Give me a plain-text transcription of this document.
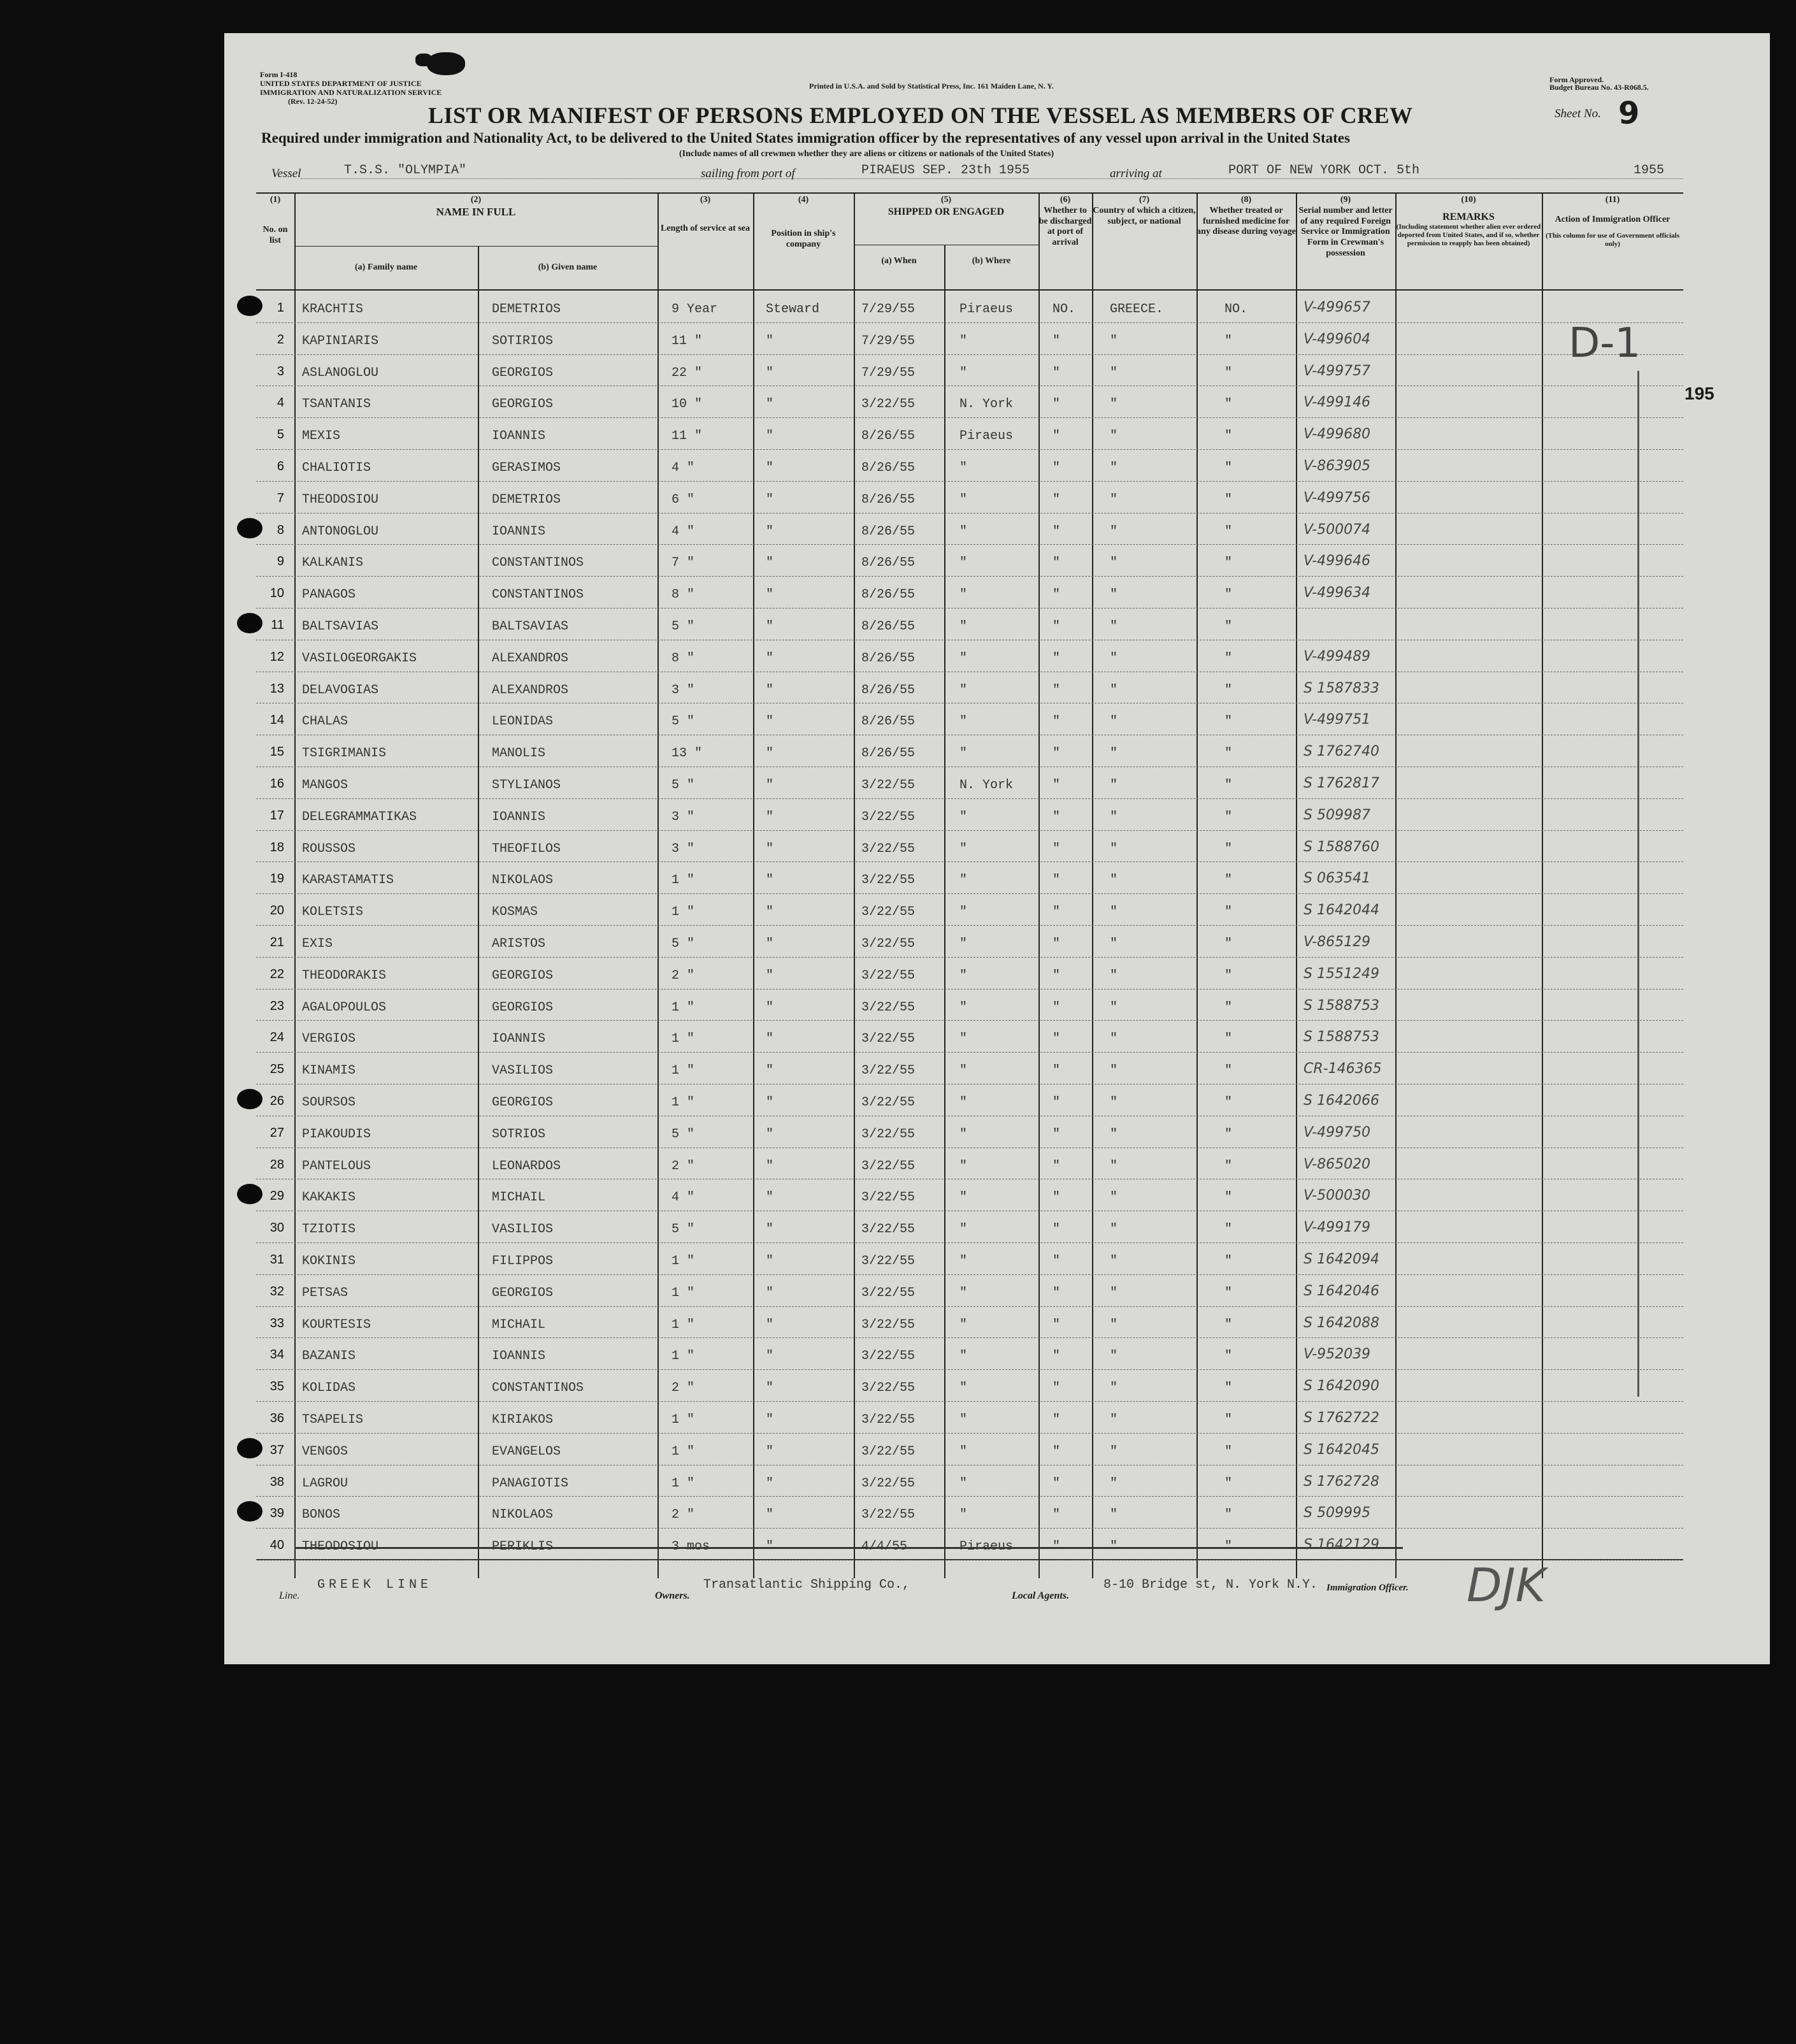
Form I-418
UNITED STATES DEPARTMENT OF JUSTICE
IMMIGRATION AND NATURALIZATION SERVICE
(Rev. 12-24-52)
Printed in U.S.A. and Sold by Statistical Press, Inc. 161 Maiden Lane, N. Y.
Form Approved.
Budget Bureau No. 43-R068.5.
Sheet No. 9
195
LIST OR MANIFEST OF PERSONS EMPLOYED ON THE VESSEL AS MEMBERS OF CREW
Required under immigration and Nationality Act, to be delivered to the United States immigration officer by the representatives of any vessel upon arrival in the United States
(Include names of all crewmen whether they are aliens or citizens or nationals of the United States)
Vessel	T.S.S. "OLYMPIA"	sailing from port of	PIRAEUS SEP. 23th 1955	arriving at	PORT OF NEW YORK OCT. 5th	1955
(1)
No. on list
(2)
NAME IN FULL
(a) Family name	(b) Given name
(3)
Length of service at sea
(4)
Position in ship's company
(5)
SHIPPED OR ENGAGED
(a) When	(b) Where
(6)
Whether to be discharged at port of arrival
(7)
Country of which a citizen, subject, or national
(8)
Whether treated or furnished medicine for any disease during voyage
(9)
Serial number and letter of any required Foreign Service or Immigration Form in Crewman's possession
(10)
REMARKS
(Including statement whether alien ever ordered deported from United States, and if so, whether permission to reapply has been obtained)
(11)
Action of Immigration Officer
(This column for use of Government officials only)
1 KRACHTIS	DEMETRIOS	9 Year	Steward	7/29/55	Piraeus	NO.	GREECE.	NO.	V-499657
2 KAPINIARIS	SOTIRIOS	11 "	"	7/29/55	"	"	"	"	V-499604
3 ASLANOGLOU	GEORGIOS	22 "	"	7/29/55	"	"	"	"	V-499757
4 TSANTANIS	GEORGIOS	10 "	"	3/22/55	N. York	"	"	"	V-499146
5 MEXIS	IOANNIS	11 "	"	8/26/55	Piraeus	"	"	"	V-499680
6 CHALIOTIS	GERASIMOS	4 "	"	8/26/55	"	"	"	"	V-863905
7 THEODOSIOU	DEMETRIOS	6 "	"	8/26/55	"	"	"	"	V-499756
8 ANTONOGLOU	IOANNIS	4 "	"	8/26/55	"	"	"	"	V-500074
9 KALKANIS	CONSTANTINOS	7 "	"	8/26/55	"	"	"	"	V-499646
10 PANAGOS	CONSTANTINOS	8 "	"	8/26/55	"	"	"	"	V-499634
11 BALTSAVIAS	BALTSAVIAS	5 "	"	8/26/55	"	"	"	"
12 VASILOGEORGAKIS	ALEXANDROS	8 "	"	8/26/55	"	"	"	"	V-499489
13 DELAVOGIAS	ALEXANDROS	3 "	"	8/26/55	"	"	"	"	S 1587833
14 CHALAS	LEONIDAS	5 "	"	8/26/55	"	"	"	"	V-499751
15 TSIGRIMANIS	MANOLIS	13 "	"	8/26/55	"	"	"	"	S 1762740
16 MANGOS	STYLIANOS	5 "	"	3/22/55	N. York	"	"	"	S 1762817
17 DELEGRAMMATIKAS	IOANNIS	3 "	"	3/22/55	"	"	"	"	S 509987
18 ROUSSOS	THEOFILOS	3 "	"	3/22/55	"	"	"	"	S 1588760
19 KARASTAMATIS	NIKOLAOS	1 "	"	3/22/55	"	"	"	"	S 063541
20 KOLETSIS	KOSMAS	1 "	"	3/22/55	"	"	"	"	S 1642044
21 EXIS	ARISTOS	5 "	"	3/22/55	"	"	"	"	V-865129
22 THEODORAKIS	GEORGIOS	2 "	"	3/22/55	"	"	"	"	S 1551249
23 AGALOPOULOS	GEORGIOS	1 "	"	3/22/55	"	"	"	"	S 1588753
24 VERGIOS	IOANNIS	1 "	"	3/22/55	"	"	"	"	S 1588753
25 KINAMIS	VASILIOS	1 "	"	3/22/55	"	"	"	"	CR-146365
26 SOURSOS	GEORGIOS	1 "	"	3/22/55	"	"	"	"	S 1642066
27 PIAKOUDIS	SOTRIOS	5 "	"	3/22/55	"	"	"	"	V-499750
28 PANTELOUS	LEONARDOS	2 "	"	3/22/55	"	"	"	"	V-865020
29 KAKAKIS	MICHAIL	4 "	"	3/22/55	"	"	"	"	V-500030
30 TZIOTIS	VASILIOS	5 "	"	3/22/55	"	"	"	"	V-499179
31 KOKINIS	FILIPPOS	1 "	"	3/22/55	"	"	"	"	S 1642094
32 PETSAS	GEORGIOS	1 "	"	3/22/55	"	"	"	"	S 1642046
33 KOURTESIS	MICHAIL	1 "	"	3/22/55	"	"	"	"	S 1642088
34 BAZANIS	IOANNIS	1 "	"	3/22/55	"	"	"	"	V-952039
35 KOLIDAS	CONSTANTINOS	2 "	"	3/22/55	"	"	"	"	S 1642090
36 TSAPELIS	KIRIAKOS	1 "	"	3/22/55	"	"	"	"	S 1762722
37 VENGOS	EVANGELOS	1 "	"	3/22/55	"	"	"	"	S 1642045
38 LAGROU	PANAGIOTIS	1 "	"	3/22/55	"	"	"	"	S 1762728
39 BONOS	NIKOLAOS	2 "	"	3/22/55	"	"	"	"	S 509995
40 THEODOSIOU	PERIKLIS	3 mos	"	4/4/55	Piraeus	"	"	"	S 1642129
D-1
Line.
GREEK LINE
Owners.
Transatlantic Shipping Co.,
Local Agents.
8-10 Bridge st, N. York N.Y. Immigration Officer. DJK
